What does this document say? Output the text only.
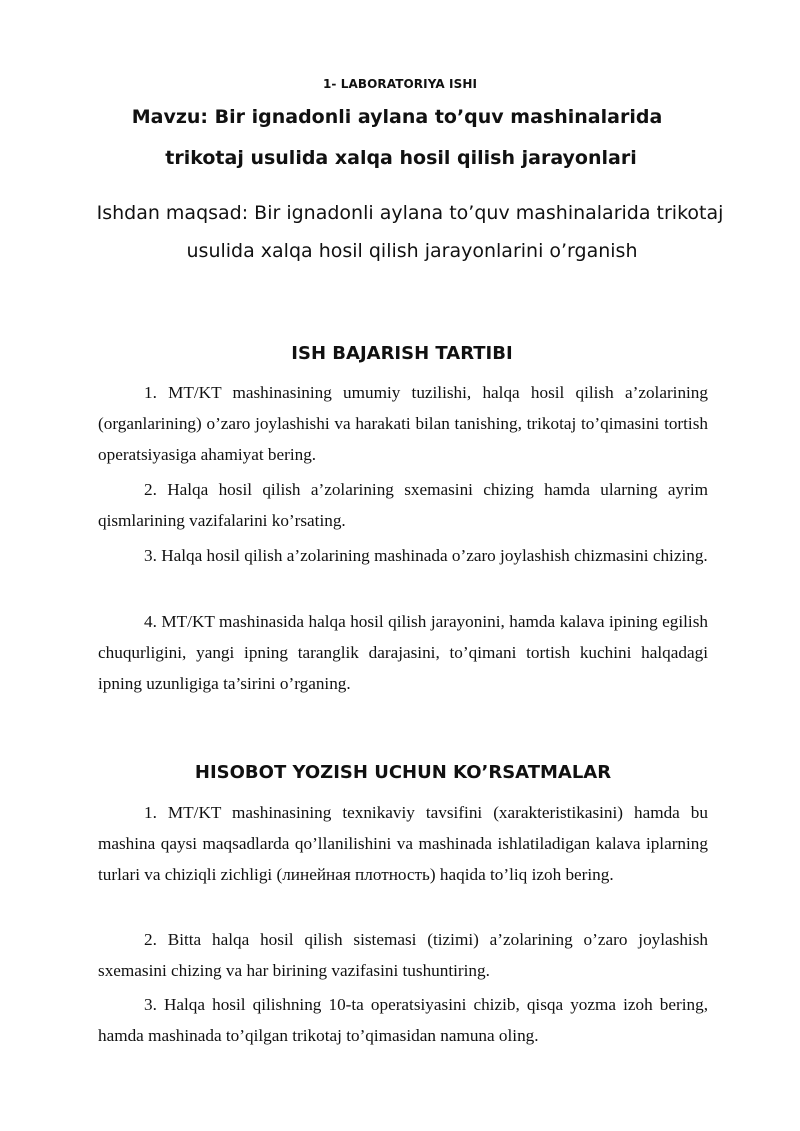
1- LABORATORIYA ISHI
Mavzu: Bir ignadonli aylana to’quv mashinalarida
trikotaj usulida xalqa hosil qilish jarayonlari
Ishdan maqsad: Bir ignadonli aylana to’quv mashinalarida trikotaj
usulida xalqa hosil qilish jarayonlarini o’rganish
ISH BAJARISH TARTIBI
1. MT/KT mashinasining umumiy tuzilishi, halqa hosil qilish a’zolarining (organlarining) o’zaro joylashishi va harakati bilan tanishing, trikotaj to’qimasini tortish operatsiyasiga ahamiyat bering.
2. Halqa hosil qilish a’zolarining sxemasini chizing hamda ularning ayrim qismlarining vazifalarini ko’rsating.
3. Halqa hosil qilish a’zolarining mashinada o’zaro joylashish chizmasini chizing.
4. MT/KT mashinasida halqa hosil qilish jarayonini, hamda kalava ipining egilish chuqurligini, yangi ipning taranglik darajasini, to’qimani tortish kuchini halqadagi ipning uzunligiga ta’sirini o’rganing.
HISOBOT YOZISH UCHUN KO’RSATMALAR
1. MT/KT mashinasining texnikaviy tavsifini (xarakteristikasini) hamda bu mashina qaysi maqsadlarda qo’llanilishini va mashinada ishlatiladigan kalava iplarning turlari va chiziqli zichligi (линейная плотность) haqida to’liq izoh bering.
2. Bitta halqa hosil qilish sistemasi (tizimi) a’zolarining o’zaro joylashish sxemasini chizing va har birining vazifasini tushuntiring.
3. Halqa hosil qilishning 10-ta operatsiyasini chizib, qisqa yozma izoh bering, hamda mashinada to’qilgan trikotaj to’qimasidan namuna oling.
